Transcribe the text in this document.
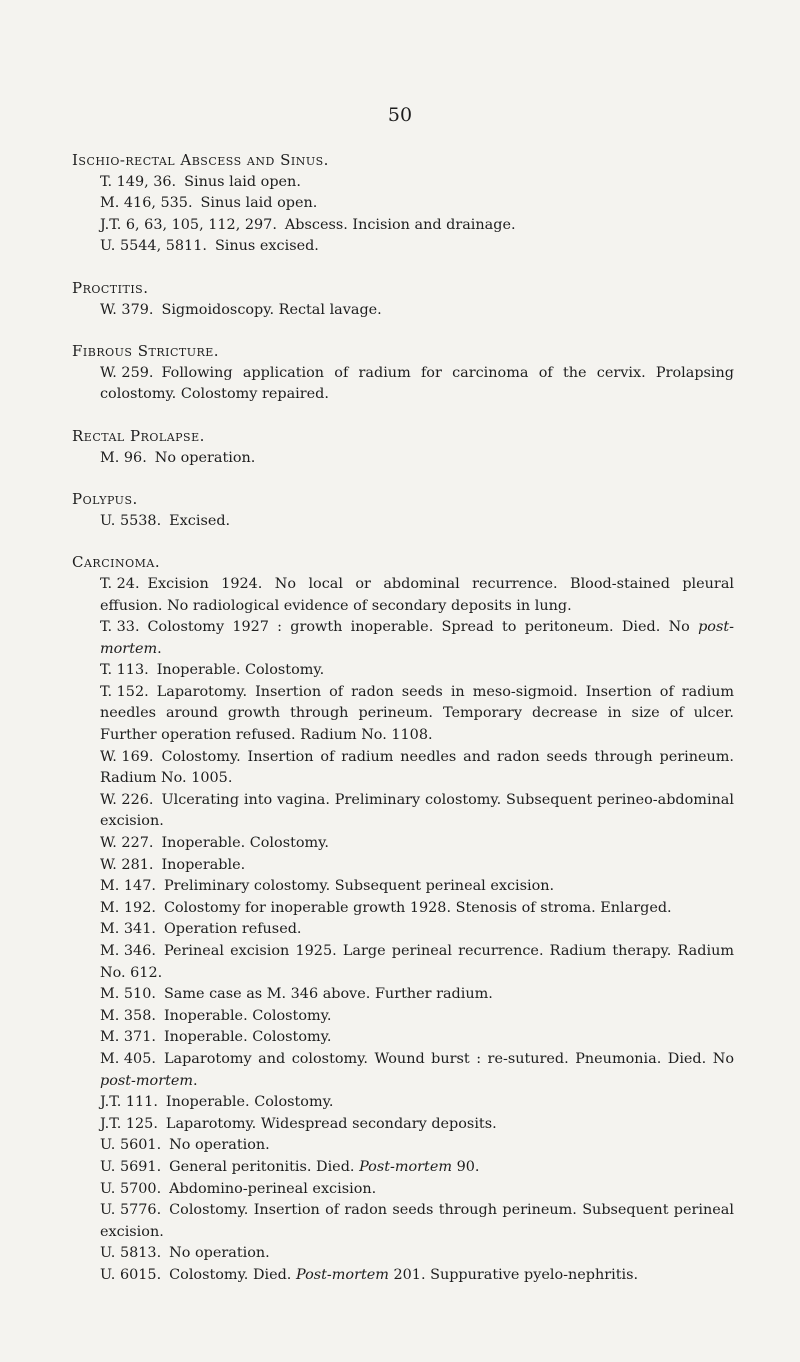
50
Ischio-rectal Abscess and Sinus.
T. 149, 36. Sinus laid open.
M. 416, 535. Sinus laid open.
J.T. 6, 63, 105, 112, 297. Abscess. Incision and drainage.
U. 5544, 5811. Sinus excised.
Proctitis.
W. 379. Sigmoidoscopy. Rectal lavage.
Fibrous Stricture.
W. 259. Following application of radium for carcinoma of the cervix. Prolapsing colostomy. Colostomy repaired.
Rectal Prolapse.
M. 96. No operation.
Polypus.
U. 5538. Excised.
Carcinoma.
T. 24. Excision 1924. No local or abdominal recurrence. Blood-stained pleural effusion. No radiological evidence of secondary deposits in lung.
T. 33. Colostomy 1927 : growth inoperable. Spread to peritoneum. Died. No post-mortem.
T. 113. Inoperable. Colostomy.
T. 152. Laparotomy. Insertion of radon seeds in meso-sigmoid. Insertion of radium needles around growth through perineum. Temporary decrease in size of ulcer. Further operation refused. Radium No. 1108.
W. 169. Colostomy. Insertion of radium needles and radon seeds through perineum. Radium No. 1005.
W. 226. Ulcerating into vagina. Preliminary colostomy. Subsequent perineo-abdominal excision.
W. 227. Inoperable. Colostomy.
W. 281. Inoperable.
M. 147. Preliminary colostomy. Subsequent perineal excision.
M. 192. Colostomy for inoperable growth 1928. Stenosis of stroma. Enlarged.
M. 341. Operation refused.
M. 346. Perineal excision 1925. Large perineal recurrence. Radium therapy. Radium No. 612.
M. 510. Same case as M. 346 above. Further radium.
M. 358. Inoperable. Colostomy.
M. 371. Inoperable. Colostomy.
M. 405. Laparotomy and colostomy. Wound burst : re-sutured. Pneumonia. Died. No post-mortem.
J.T. 111. Inoperable. Colostomy.
J.T. 125. Laparotomy. Widespread secondary deposits.
U. 5601. No operation.
U. 5691. General peritonitis. Died. Post-mortem 90.
U. 5700. Abdomino-perineal excision.
U. 5776. Colostomy. Insertion of radon seeds through perineum. Subsequent perineal excision.
U. 5813. No operation.
U. 6015. Colostomy. Died. Post-mortem 201. Suppurative pyelo-nephritis.
